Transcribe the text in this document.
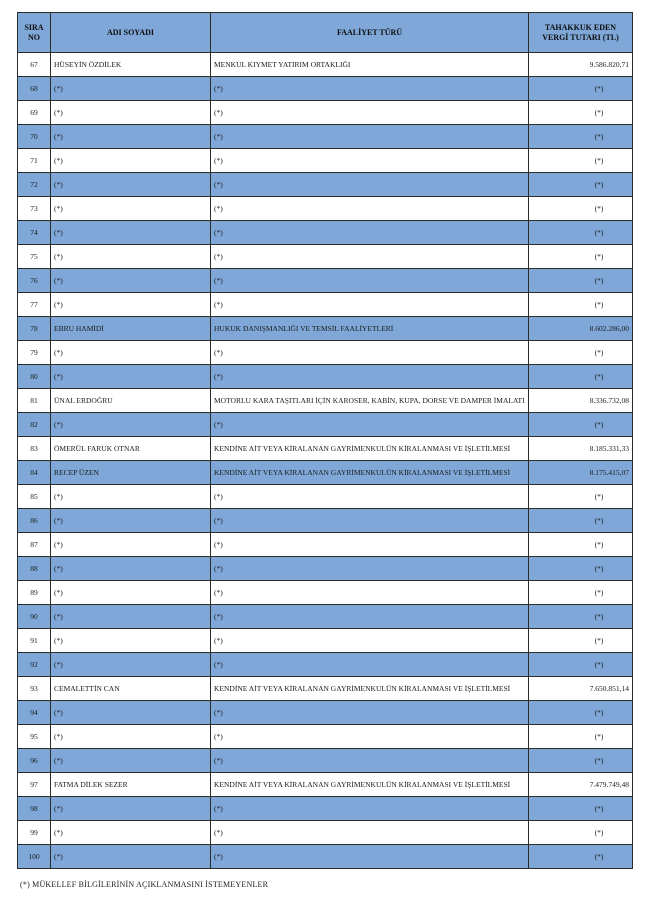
SIRA NO	ADI SOYADI	FAALİYET TÜRÜ	TAHAKKUK EDEN VERGİ TUTARI (TL)
67	HÜSEYİN ÖZDİLEK	MENKUL KIYMET YATIRIM ORTAKLIĞI	9.586.820,71
68	(*)	(*)	(*)
69	(*)	(*)	(*)
70	(*)	(*)	(*)
71	(*)	(*)	(*)
72	(*)	(*)	(*)
73	(*)	(*)	(*)
74	(*)	(*)	(*)
75	(*)	(*)	(*)
76	(*)	(*)	(*)
77	(*)	(*)	(*)
78	EBRU HAMİDİ	HUKUK DANIŞMANLIĞI VE TEMSİL FAALİYETLERİ	8.602.286,00
79	(*)	(*)	(*)
80	(*)	(*)	(*)
81	ÜNAL ERDOĞRU	MOTORLU KARA TAŞITLARI İÇİN KAROSER, KABİN, KUPA, DORSE VE DAMPER İMALATI	8.336.732,08
82	(*)	(*)	(*)
83	ÖMERÜL FARUK OTNAR	KENDİNE AİT VEYA KİRALANAN GAYRİMENKULÜN KİRALANMASI VE İŞLETİLMESİ	8.185.331,33
84	RECEP ÜZEN	KENDİNE AİT VEYA KİRALANAN GAYRİMENKULÜN KİRALANMASI VE İŞLETİLMESİ	8.175.415,07
85	(*)	(*)	(*)
86	(*)	(*)	(*)
87	(*)	(*)	(*)
88	(*)	(*)	(*)
89	(*)	(*)	(*)
90	(*)	(*)	(*)
91	(*)	(*)	(*)
92	(*)	(*)	(*)
93	CEMALETTİN CAN	KENDİNE AİT VEYA KİRALANAN GAYRİMENKULÜN KİRALANMASI VE İŞLETİLMESİ	7.650.851,14
94	(*)	(*)	(*)
95	(*)	(*)	(*)
96	(*)	(*)	(*)
97	FATMA DİLEK SEZER	KENDİNE AİT VEYA KİRALANAN GAYRİMENKULÜN KİRALANMASI VE İŞLETİLMESİ	7.479.749,48
98	(*)	(*)	(*)
99	(*)	(*)	(*)
100	(*)	(*)	(*)
(*) MÜKELLEF BİLGİLERİNİN AÇIKLANMASINI İSTEMEYENLER
